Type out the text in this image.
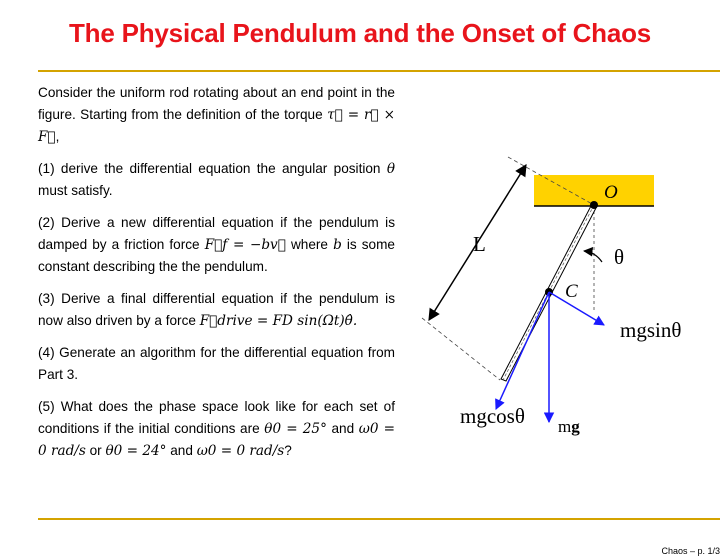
The Physical Pendulum and the Onset of Chaos

Consider the uniform rod rotating about an end point in the figure. Starting from the definition of the torque τ⃗ = r⃗ × F⃗,

(1) derive the differential equation the angular position θ must satisfy.

(2) Derive a new differential equation if the pendulum is damped by a friction force F⃗f = −bv⃗ where b is some constant describing the the pendulum.

(3) Derive a final differential equation if the pendulum is now also driven by a force F⃗drive = FD sin(Ωt)θ̂.

(4) Generate an algorithm for the differential equation from Part 3.

(5) What does the phase space look like for each set of conditions if the initial conditions are θ0 = 25° and ω0 = 0 rad/s or θ0 = 24° and ω0 = 0 rad/s?

O
L
θ
C
mgsinθ
mgcosθ mg
Chaos – p. 1/3
